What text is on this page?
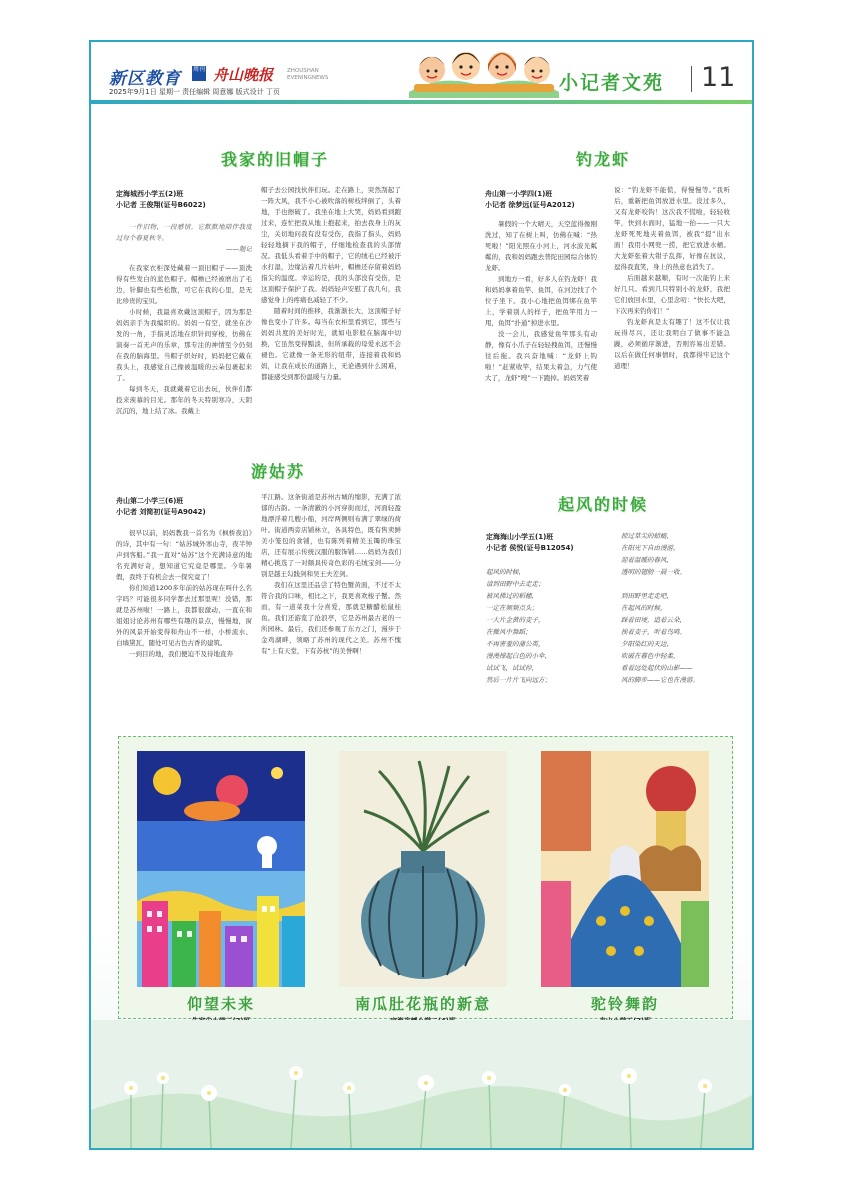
新区教育 周刊 舟山晚报	ZHOUSHAN EVENINGNEWS
2025年9月1日 星期一 责任编辑 周意娜 版式设计 丁页	小记者文苑 11
我家的旧帽子
定海城西小学五(2)班
小记者 王俊翔(证号B6022)

一件旧物，一段感情。它默默地陪伴我度过每个春夏秋冬。

——题记

在我家衣柜深处藏着一顶旧帽子——顶洗得有些发白的蓝色帽子。帽檐已经被磨出了毛边，针脚也有些松散，可它在我的心里，是无比珍贵的宝贝。

小时候，我最喜欢戴这顶帽子，因为那是妈妈亲手为我编织的。妈妈一有空，就坐在沙发的一角，手指灵活地在织针间穿梭，仿佛在演奏一首无声的乐章，那专注的神情至今仍刻在我的脑海里。当帽子织好时，妈妈把它戴在我头上，我感觉自己像被温暖的云朵包裹起来了。

每到冬天，我就戴着它出去玩，伙伴们都投来羡慕的目光。那年的冬天特别寒冷，天阴沉沉的，地上结了冰。我戴上

帽子去公园找伙伴们玩。走在路上，突然刮起了一阵大风，我不小心被吹落的树枝绊倒了，头着地，手也擦破了。我坐在地上大哭，妈妈看到跑过来，连忙把我从地上抱起来，拍去我身上的灰尘，关切地问我有没有受伤，我指了指头，妈妈轻轻地摘下我的帽子，仔细地检查我的头部情况。我低头看着手中的帽子，它的绒毛已经被汗水打湿，边缘沾着几片枯叶，帽檐还存留着妈妈指尖的温度。幸运的是，我的头部没有受伤，是这顶帽子保护了我。妈妈轻声安慰了我几句，我感觉身上的疼痛也减轻了不少。

随着时间的推移，我渐渐长大，这顶帽子好像也变小了许多。每当在衣柜里看到它，那些与妈妈共度的美好时光，就如电影般在脑海中切换，它虽然变得黯淡，但所承载的母爱永远不会褪色。它就像一条无形的纽带，连接着我和妈妈，让我在成长的道路上，无论遇到什么困难，都能感受到那份温暖与力量。

钓龙虾
舟山第一小学四(1)班
小记者 徐梦远(证号A2012)

暑假的一个大晴天，天空蓝得像刚洗过，知了在树上叫，仿佛在喊：“热死啦！”阳光照在小河上，河水波光粼粼的，我和妈妈跑去普陀田园综合体钓龙虾。

到地方一看，好多人在钓龙虾！我和妈妈拿着鱼竿、鱼饵，在河边找了个位子坐下。我小心地把鱼饵绑在鱼竿上，学着别人的样子，把鱼竿用力一甩，鱼饵“扑通”掉进水里。

没一会儿，我感觉鱼竿那头有动静，像有小爪子在轻轻拽鱼饵，还慢慢往后拖。我兴奋地喊：“龙虾上钩啦！”赶紧收竿，结果太着急，力气使大了，龙虾“嗖”一下跑掉。妈妈笑着

说：“钓龙虾不能慌，得慢慢等。”我听后，重新把鱼饵放进水里。没过多久，又有龙虾咬钩！这次我不慌啦，轻轻收竿，快到水面时，猛地一抬——一只大龙虾死死地夹着鱼饵，被我“提”出水面！我用小网兜一捞，把它放进水桶。大龙虾张着大钳子乱挥，好像在抗议，逗得我直笑，身上的热意也消失了。

后面越来越顺，有时一次能钓上来好几只。看到几只特别小的龙虾，我把它们放回水里，心里念叨：“快长大吧，下次再来钓你们！”

钓龙虾真是太有趣了！这不仅让我玩得尽兴，还让我明白了做事不能急躁，必须循序渐进，否则容易出差错。以后在做任何事情时，我都得牢记这个道理！

游姑苏
舟山第二小学三(6)班
小记者 刘简初(证号A9042)

很早以前，妈妈教我一首名为《枫桥夜泊》的诗，其中有一句：“姑苏城外寒山寺，夜半钟声到客船。”我一直对“姑苏”这个充满诗意的地名充满好奇，想知道它究竟是哪里。今年暑假，我终于有机会去一探究竟了！

你们知道1200多年前的姑苏现在叫什么名字吗？可能很多同学都去过那里呢！没错，那就是苏州啦！一路上，我都很激动，一直在和姐姐讨论苏州有哪些有趣的景点，慢慢地，窗外的风景开始变得和舟山不一样，小桥流水、白墙黛瓦，随处可见古色古香的建筑。

一到目的地，我们便迫不及待地直奔

平江路。这条街道是苏州古城的缩影，充满了浓郁的古韵。一条清澈的小河穿街而过，河面轻盈地漂浮着几艘小船，河岸两侧则布满了翠绿的荷叶。街道两旁店铺林立，各具特色，既有售卖鲜美小笼包的食铺，也有陈列着精美玉镯的珠宝店，还有展示传统汉服的服饰铺……妈妈为我们精心挑选了一对颇具传奇色彩的毛绒宝剑——分别是越王勾践剑和吴王夫差剑。

我们在这里还品尝了特色蟹黄面，不过不太符合我的口味，相比之下，我更喜欢梭子蟹。然而，有一道菜我十分喜爱，那就是糖醋松鼠桂鱼。我们还游览了沧浪亭，它是苏州最古老的一所园林。最后，我们还参观了东方之门，漫步于金鸡湖畔，领略了苏州的现代之美。苏州不愧有“上有天堂，下有苏杭”的美誉啊！

起风的时候
定海海山小学五(1)班
小记者 侯悦(证号B12054)
起风的时候，
请到田野中去走走；
被风拂过的稻穗，
一定在频频点头；
一大片金黄的麦子，
在微风中舞蹈；
不再害羞的蒲公英，
漫漫撑起白色的小伞，
试试飞，试试停，
然后一片片飞向远方；
掠过草尖的蜻蜓，
在阳光下自由漫游，
迎着温暖的春风，
透明的翅膀一晨一收。
到田野里走走吧，
在起风的时候，
踩着田埂，追着云朵，
挨着麦子，听着鸟鸣。
夕阳染红的天边，
吹破在暮色中轻柔，
看着远处起伏的山影——
风的脚步——它也在漫游。
仰望未来	南瓜肚花瓶的新意	驼铃舞韵
